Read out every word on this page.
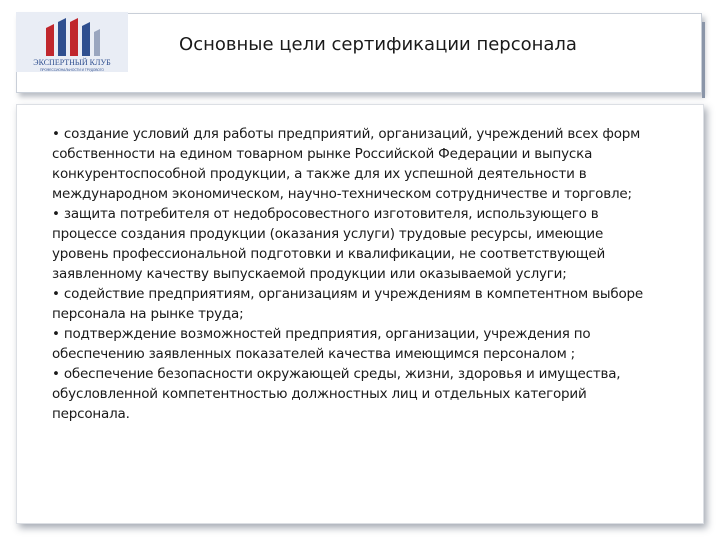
ЭКСПЕРТНЫЙ КЛУБ
ПРОФЕССИОНАЛЬНОСТИ И ТРУДОВОГО
Основные цели сертификации персонала

• создание условий для работы предприятий, организаций, учреждений всех форм собственности на едином товарном рынке Российской Федерации и выпуска конкурентоспособной продукции, а также для их успешной деятельности в международном экономическом, научно-техническом сотрудничестве и торговле;

• защита потребителя от недобросовестного изготовителя, использующего в процессе создания продукции (оказания услуги) трудовые ресурсы, имеющие уровень профессиональной подготовки и квалификации, не соответствующей заявленному качеству выпускаемой продукции или оказываемой услуги;

• содействие предприятиям, организациям и учреждениям в компетентном выборе персонала на рынке труда;

• подтверждение возможностей предприятия, организации, учреждения по обеспечению заявленных показателей качества имеющимся персоналом ;

• обеспечение безопасности окружающей среды, жизни, здоровья и имущества, обусловленной компетентностью должностных лиц и отдельных категорий персонала.
